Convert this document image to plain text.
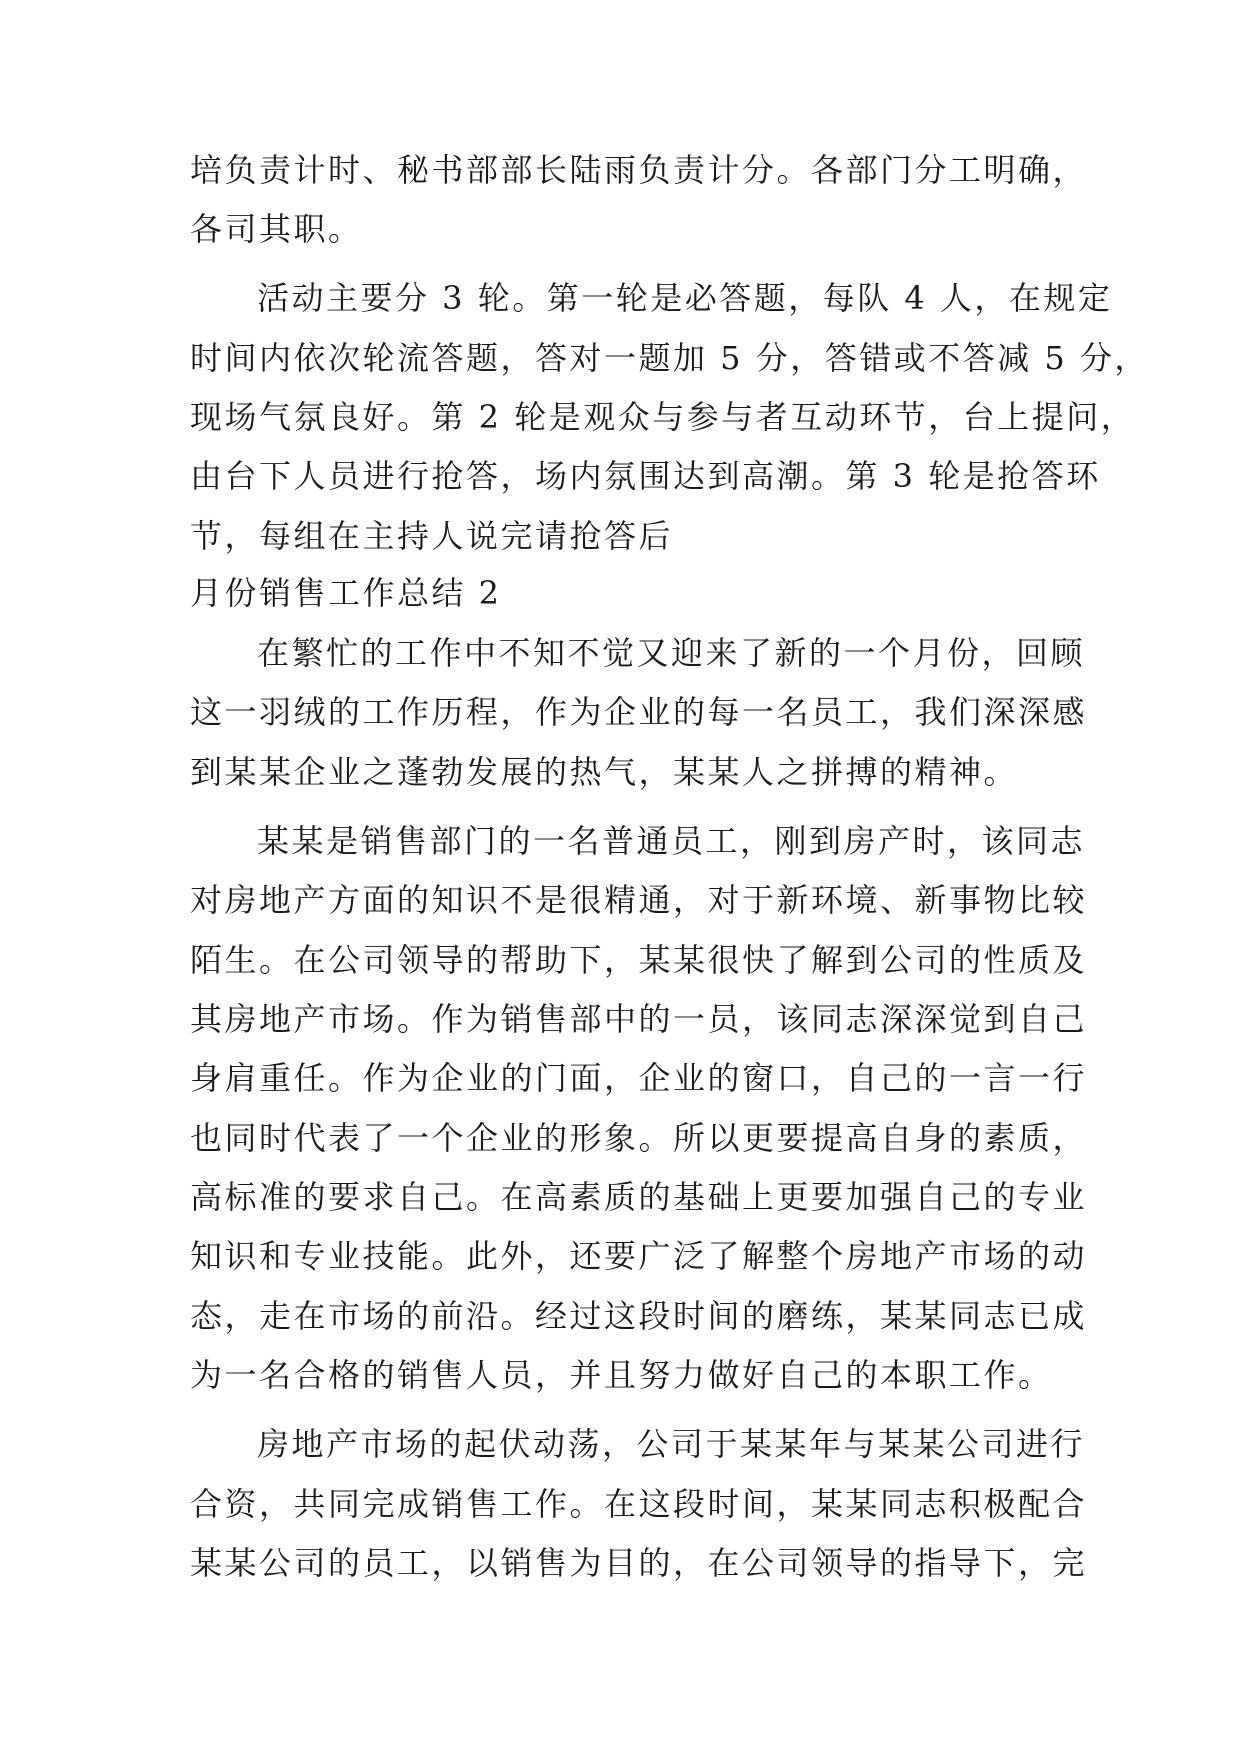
培负责计时、秘书部部长陆雨负责计分。各部门分工明确，
各司其职。
活动主要分 3 轮。第一轮是必答题，每队 4 人，在规定
时间内依次轮流答题，答对一题加 5 分，答错或不答减 5 分，
现场气氛良好。第 2 轮是观众与参与者互动环节，台上提问，
由台下人员进行抢答，场内氛围达到高潮。第 3 轮是抢答环
节，每组在主持人说完请抢答后
月份销售工作总结 2
在繁忙的工作中不知不觉又迎来了新的一个月份，回顾
这一羽绒的工作历程，作为企业的每一名员工，我们深深感
到某某企业之蓬勃发展的热气，某某人之拼搏的精神。
某某是销售部门的一名普通员工，刚到房产时，该同志
对房地产方面的知识不是很精通，对于新环境、新事物比较
陌生。在公司领导的帮助下，某某很快了解到公司的性质及
其房地产市场。作为销售部中的一员，该同志深深觉到自己
身肩重任。作为企业的门面，企业的窗口，自己的一言一行
也同时代表了一个企业的形象。所以更要提高自身的素质，
高标准的要求自己。在高素质的基础上更要加强自己的专业
知识和专业技能。此外，还要广泛了解整个房地产市场的动
态，走在市场的前沿。经过这段时间的磨练，某某同志已成
为一名合格的销售人员，并且努力做好自己的本职工作。
房地产市场的起伏动荡，公司于某某年与某某公司进行
合资，共同完成销售工作。在这段时间，某某同志积极配合
某某公司的员工，以销售为目的，在公司领导的指导下，完
